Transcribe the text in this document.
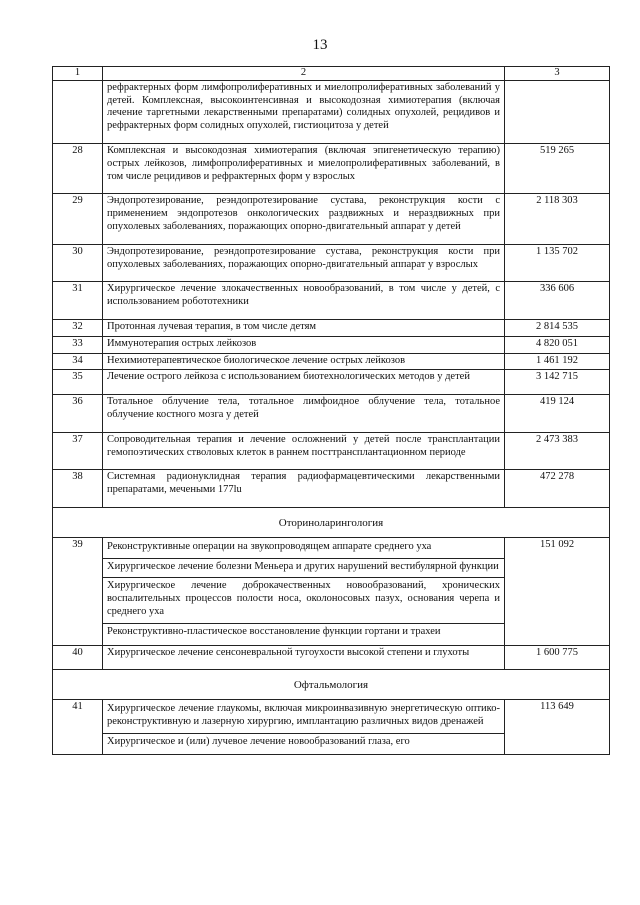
13
1	2	3

	рефрактерных форм лимфопролиферативных и миелопролиферативных заболеваний у детей. Комплексная, высокоинтенсивная и высокодозная химиотерапия (включая лечение таргетными лекарственными препаратами) солидных опухолей, рецидивов и рефрактерных форм солидных опухолей, гистиоцитоза у детей	

28	Комплексная и высокодозная химиотерапия (включая эпигенетическую терапию) острых лейкозов, лимфопролиферативных и миелопролиферативных заболеваний, в том числе рецидивов и рефрактерных форм у взрослых	519 265
29	Эндопротезирование, реэндопротезирование сустава, реконструкция кости с применением эндопротезов онкологических раздвижных и нераздвижных при опухолевых заболеваниях, поражающих опорно-двигательный аппарат у детей	2 118 303
30	Эндопротезирование, реэндопротезирование сустава, реконструкция кости при опухолевых заболеваниях, поражающих опорно-двигательный аппарат у взрослых	1 135 702
31	Хирургическое лечение злокачественных новообразований, в том числе у детей, с использованием робототехники	336 606
32	Протонная лучевая терапия, в том числе детям	2 814 535
33	Иммунотерапия острых лейкозов	4 820 051
34	Нехимиотерапевтическое биологическое лечение острых лейкозов	1 461 192
35	Лечение острого лейкоза с использованием биотехнологических методов у детей	3 142 715
36	Тотальное облучение тела, тотальное лимфоидное облучение тела, тотальное облучение костного мозга у детей	419 124
37	Сопроводительная терапия и лечение осложнений у детей после трансплантации гемопоэтических стволовых клеток в раннем посттрансплантационном периоде	2 473 383
38	Системная радионуклидная терапия радиофармацевтическими лекарственными препаратами, мечеными 177lu	472 278
Оториноларингология		
39	Реконструктивные операции на звукопроводящем аппарате среднего уха
Хирургическое лечение болезни Меньера и других нарушений вестибулярной функции
Хирургическое лечение доброкачественных новообразований, хронических воспалительных процессов полости носа, околоносовых пазух, основания черепа и среднего уха
Реконструктивно-пластическое восстановление функции гортани и трахеи	151 092
40	Хирургическое лечение сенсоневральной тугоухости высокой степени и глухоты	1 600 775
Офтальмология		
41	Хирургическое лечение глаукомы, включая микроинвазивную энергетическую оптико-реконструктивную и лазерную хирургию, имплантацию различных видов дренажей
Хирургическое и (или) лучевое лечение новообразований глаза, его	113 649
